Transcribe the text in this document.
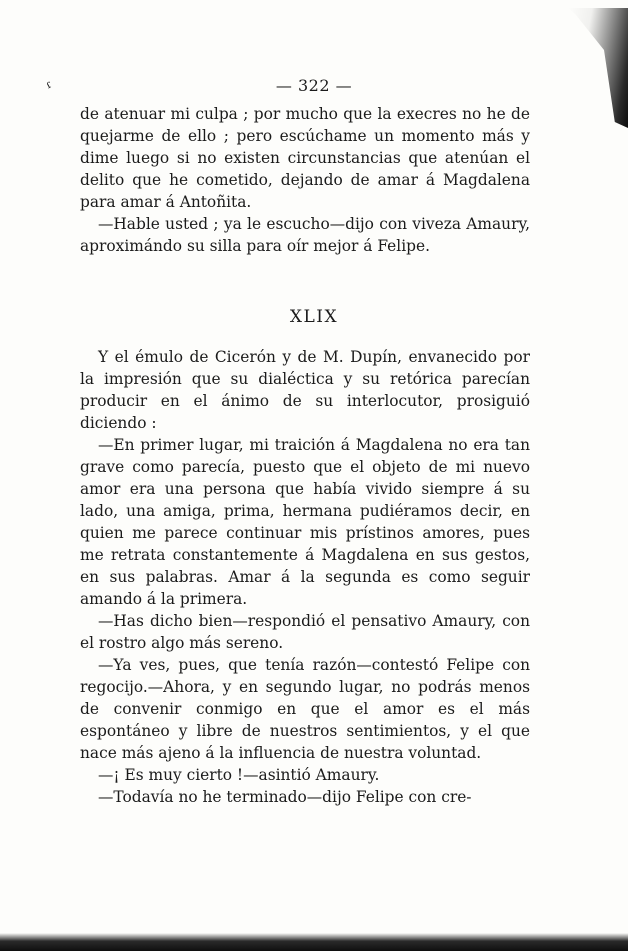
ɾ	— 322 —

de atenuar mi culpa ; por mucho que la execres no he de quejarme de ello ; pero escúchame un momento más y dime luego si no existen circunstancias que atenúan el delito que he cometido, dejando de amar á Magdalena para amar á Antoñita.

—Hable usted ; ya le escucho—dijo con viveza Amaury, aproximándo su silla para oír mejor á Felipe.

XLIX

Y el émulo de Cicerón y de M. Dupín, envanecido por la impresión que su dialéctica y su retórica parecían producir en el ánimo de su interlocutor, prosiguió diciendo :

—En primer lugar, mi traición á Magdalena no era tan grave como parecía, puesto que el objeto de mi nuevo amor era una persona que había vivido siempre á su lado, una amiga, prima, hermana pudiéramos decir, en quien me parece continuar mis prístinos amores, pues me retrata constantemente á Magdalena en sus gestos, en sus palabras. Amar á la segunda es como seguir amando á la primera.

—Has dicho bien—respondió el pensativo Amaury, con el rostro algo más sereno.

—Ya ves, pues, que tenía razón—contestó Felipe con regocijo.—Ahora, y en segundo lugar, no podrás menos de convenir conmigo en que el amor es el más espontáneo y libre de nuestros sentimientos, y el que nace más ajeno á la influencia de nuestra voluntad.

—¡ Es muy cierto !—asintió Amaury.

—Todavía no he terminado—dijo Felipe con cre-
